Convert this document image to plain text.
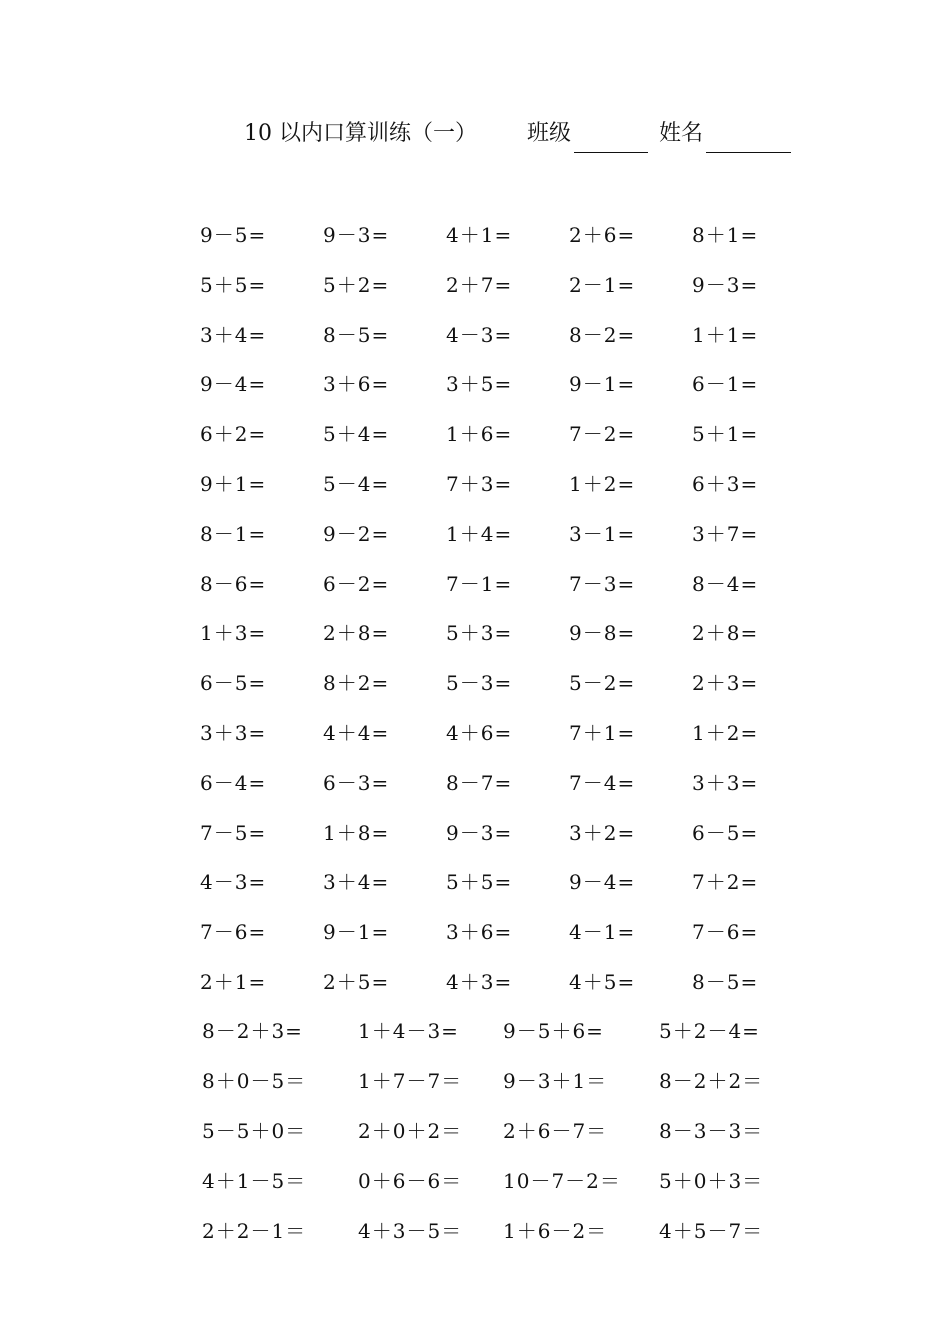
10 以内口算训练（一） 班级	姓名
9－5=	9－3=	4＋1=	2＋6=	8＋1=
5＋5=	5＋2=	2＋7=	2－1=	9－3=
3＋4=	8－5=	4－3=	8－2=	1＋1=
9－4=	3＋6=	3＋5=	9－1=	6－1=
6＋2=	5＋4=	1＋6=	7－2=	5＋1=
9＋1=	5－4=	7＋3=	1＋2=	6＋3=
8－1=	9－2=	1＋4=	3－1=	3＋7=
8－6=	6－2=	7－1=	7－3=	8－4=
1＋3=	2＋8=	5＋3=	9－8=	2＋8=
6－5=	8＋2=	5－3=	5－2=	2＋3=
3＋3=	4＋4=	4＋6=	7＋1=	1＋2=
6－4=	6－3=	8－7=	7－4=	3＋3=
7－5=	1＋8=	9－3=	3＋2=	6－5=
4－3=	3＋4=	5＋5=	9－4=	7＋2=
7－6=	9－1=	3＋6=	4－1=	7－6=
2＋1=	2＋5=	4＋3=	4＋5=	8－5=
8－2＋3=	1＋4－3=	9－5＋6=	5＋2－4=
8＋0－5＝	1＋7－7＝	9－3＋1＝	8－2＋2＝
5－5＋0＝	2＋0＋2＝	2＋6－7＝	8－3－3＝
4＋1－5＝	0＋6－6＝	10－7－2＝	5＋0＋3＝
2＋2－1＝	4＋3－5＝	1＋6－2＝	4＋5－7＝
